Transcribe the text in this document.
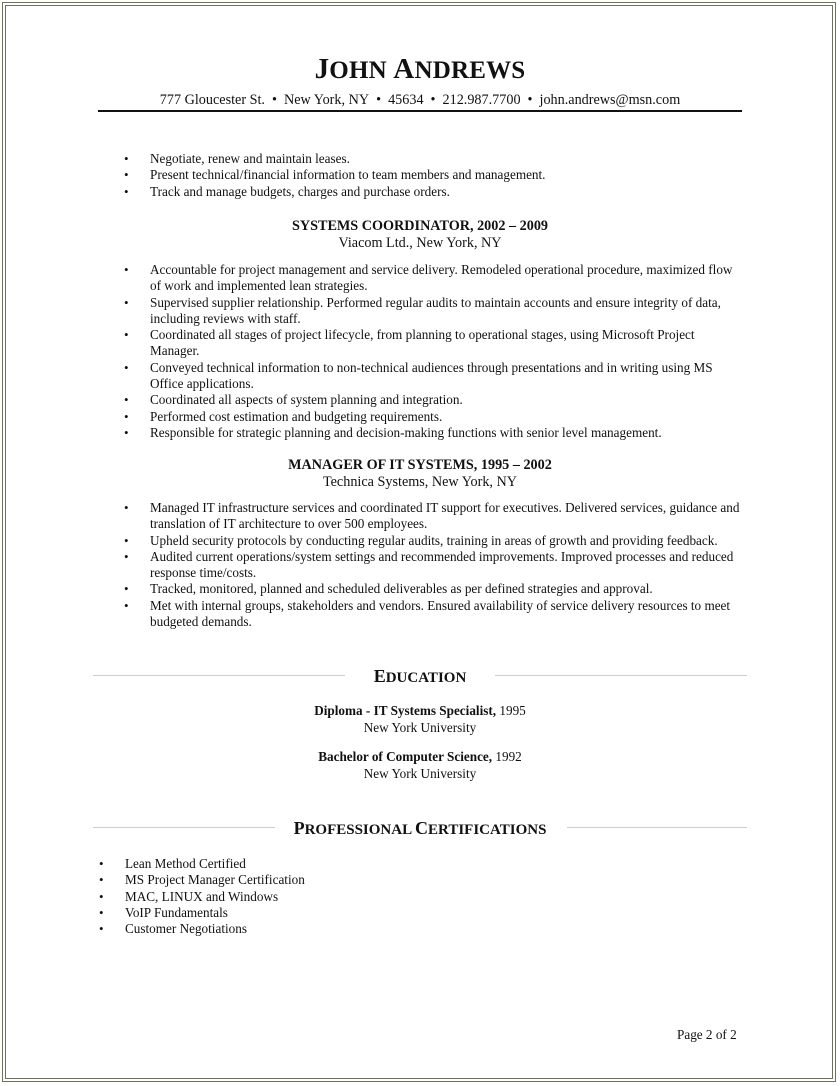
JOHN ANDREWS
777 Gloucester St. • New York, NY • 45634 • 212.987.7700 • john.andrews@msn.com
• Negotiate, renew and maintain leases.
• Present technical/financial information to team members and management.
• Track and manage budgets, charges and purchase orders.
SYSTEMS COORDINATOR, 2002 – 2009
Viacom Ltd., New York, NY
• Accountable for project management and service delivery. Remodeled operational procedure, maximized flow of work and implemented lean strategies.
• Supervised supplier relationship. Performed regular audits to maintain accounts and ensure integrity of data, including reviews with staff.
• Coordinated all stages of project lifecycle, from planning to operational stages, using Microsoft Project Manager.
• Conveyed technical information to non-technical audiences through presentations and in writing using MS Office applications.
• Coordinated all aspects of system planning and integration.
• Performed cost estimation and budgeting requirements.
• Responsible for strategic planning and decision-making functions with senior level management.
MANAGER OF IT SYSTEMS, 1995 – 2002
Technica Systems, New York, NY
• Managed IT infrastructure services and coordinated IT support for executives. Delivered services, guidance and translation of IT architecture to over 500 employees.
• Upheld security protocols by conducting regular audits, training in areas of growth and providing feedback.
• Audited current operations/system settings and recommended improvements. Improved processes and reduced response time/costs.
• Tracked, monitored, planned and scheduled deliverables as per defined strategies and approval.
• Met with internal groups, stakeholders and vendors. Ensured availability of service delivery resources to meet budgeted demands.
EDUCATION
Diploma - IT Systems Specialist, 1995
New York University
Bachelor of Computer Science, 1992
New York University
PROFESSIONAL CERTIFICATIONS
• Lean Method Certified
• MS Project Manager Certification
• MAC, LINUX and Windows
• VoIP Fundamentals
• Customer Negotiations
Page 2 of 2
